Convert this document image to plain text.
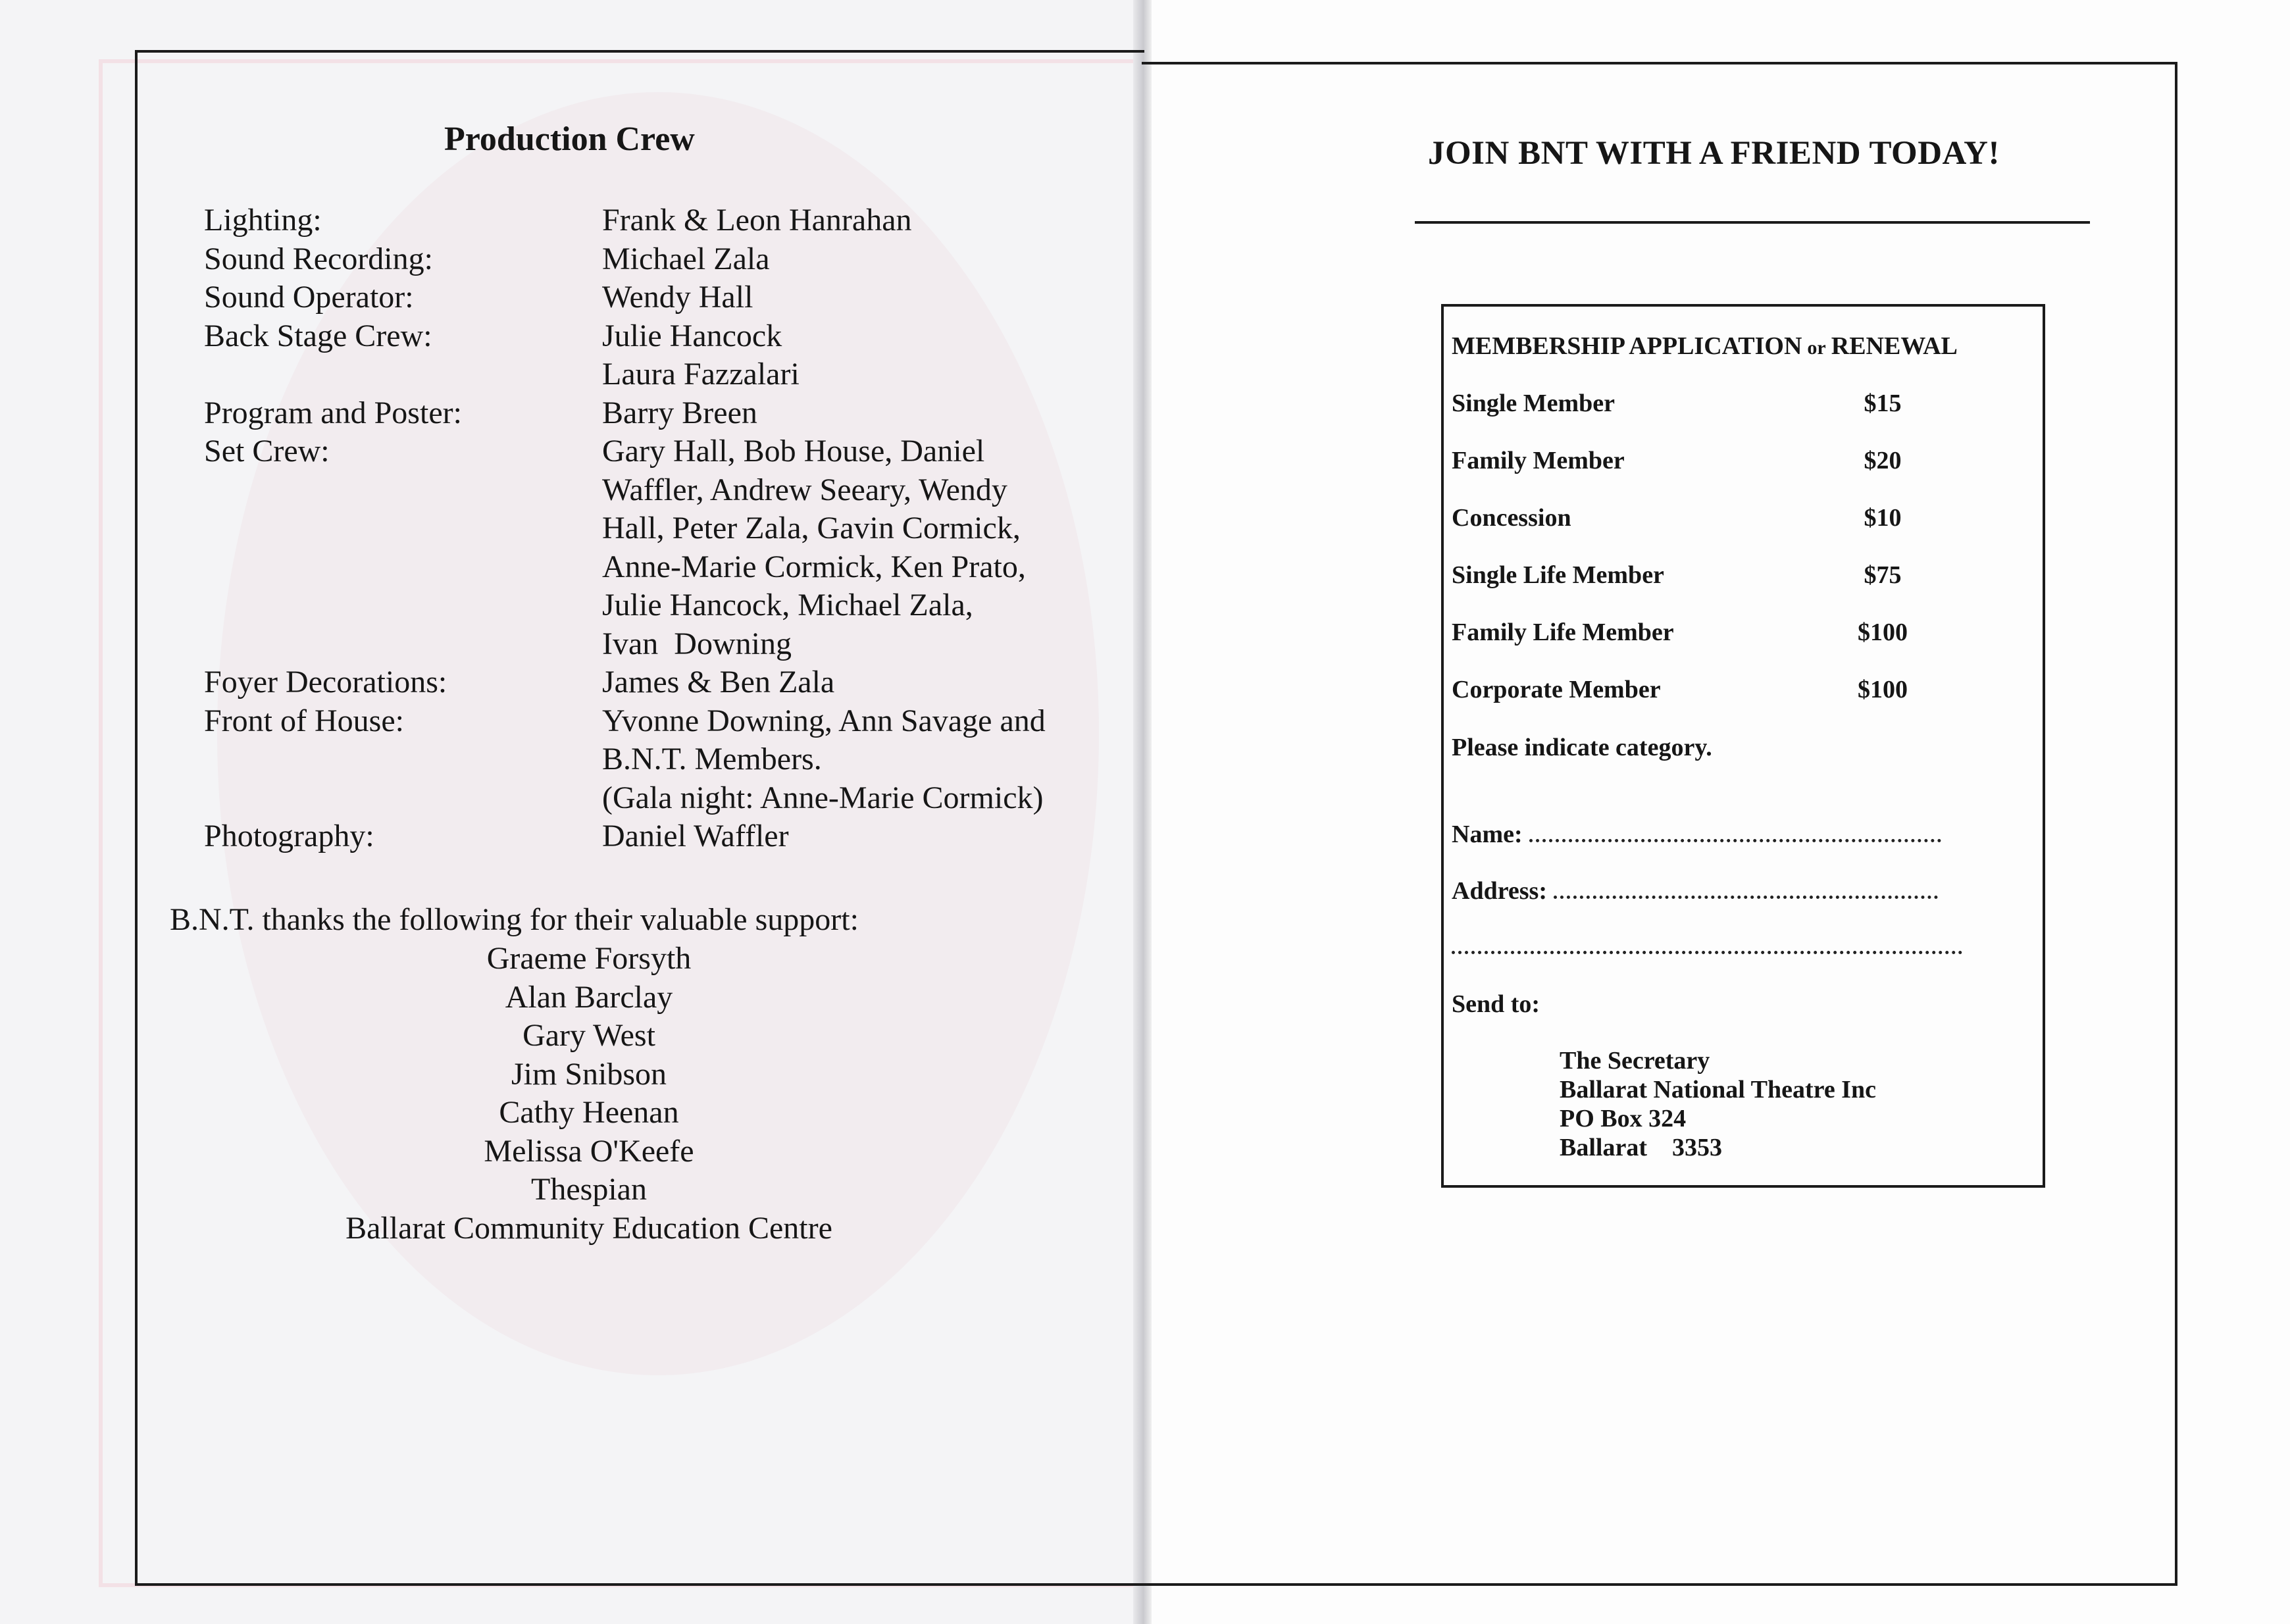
Production Crew
Lighting:	Frank & Leon Hanrahan
Sound Recording:	Michael Zala
Sound Operator:	Wendy Hall
Back Stage Crew:	Julie Hancock
Laura Fazzalari
Program and Poster:	Barry Breen
Set Crew:	Gary Hall, Bob House, Daniel
Waffler, Andrew Seeary, Wendy
Hall, Peter Zala, Gavin Cormick,
Anne-Marie Cormick, Ken Prato,
Julie Hancock, Michael Zala,
Ivan  Downing
Foyer Decorations:	James & Ben Zala
Front of House:	Yvonne Downing, Ann Savage and
B.N.T. Members.
(Gala night: Anne-Marie Cormick)
Photography:	Daniel Waffler
B.N.T. thanks the following for their valuable support:
Graeme Forsyth
Alan Barclay
Gary West
Jim Snibson
Cathy Heenan
Melissa O'Keefe
Thespian
Ballarat Community Education Centre
JOIN BNT WITH A FRIEND TODAY!
MEMBERSHIP APPLICATION or RENEWAL
Single Member	$15
Family Member	$20
Concession	$10
Single Life Member	$75
Family Life Member	$100
Corporate Member	$100
Please indicate category.
Name:
Address:
Send to:
The Secretary
Ballarat National Theatre Inc
PO Box 324
Ballarat    3353
